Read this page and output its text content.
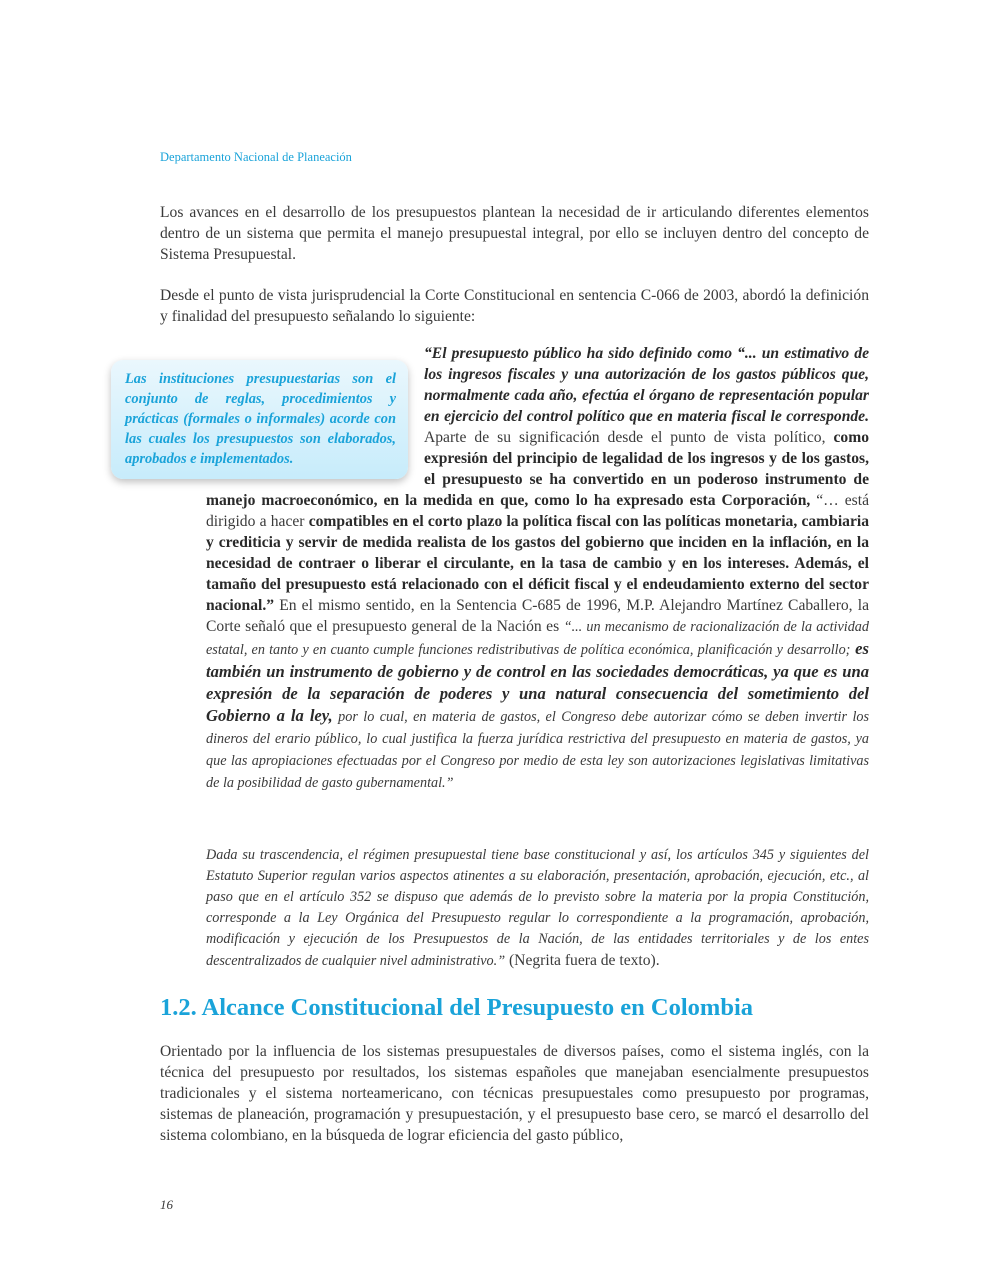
Departamento Nacional de Planeación

Los avances en el desarrollo de los presupuestos plantean la necesidad de ir articulando diferentes elementos dentro de un sistema que permita el manejo presupuestal integral, por ello se incluyen dentro del concepto de Sistema Presupuestal.

Desde el punto de vista jurisprudencial la Corte Constitucional en sentencia C-066 de 2003, abordó la definición y finalidad del presupuesto señalando lo siguiente:

Las instituciones presupuestarias son el conjunto de reglas, procedimientos y prácticas (formales o informales) acorde con las cuales los presupuestos son elaborados, aprobados e implementados.

“El presupuesto público ha sido definido como “... un estimativo de los ingresos fiscales y una autorización de los gastos públicos que, normalmente cada año, efectúa el órgano de representación popular en ejercicio del control político que en materia fiscal le corresponde. Aparte de su significación desde el punto de vista político, como expresión del principio de legalidad de los ingresos y de los gastos, el presupuesto se ha convertido en un poderoso instrumento de manejo macroeconómico, en la medida en que, como lo ha expresado esta Corporación, “… está dirigido a hacer compatibles en el corto plazo la política fiscal con las políticas monetaria, cambiaria y crediticia y servir de medida realista de los gastos del gobierno que inciden en la inflación, en la necesidad de contraer o liberar el circulante, en la tasa de cambio y en los intereses. Además, el tamaño del presupuesto está relacionado con el déficit fiscal y el endeudamiento externo del sector nacional.” En el mismo sentido, en la Sentencia C-685 de 1996, M.P. Alejandro Martínez Caballero, la Corte señaló que el presupuesto general de la Nación es “... un mecanismo de racionalización de la actividad estatal, en tanto y en cuanto cumple funciones redistributivas de política económica, planificación y desarrollo; es también un instrumento de gobierno y de control en las sociedades democráticas, ya que es una expresión de la separación de poderes y una natural consecuencia del sometimiento del Gobierno a la ley, por lo cual, en materia de gastos, el Congreso debe autorizar cómo se deben invertir los dineros del erario público, lo cual justifica la fuerza jurídica restrictiva del presupuesto en materia de gastos, ya que las apropiaciones efectuadas por el Congreso por medio de esta ley son autorizaciones legislativas limitativas de la posibilidad de gasto gubernamental.”

Dada su trascendencia, el régimen presupuestal tiene base constitucional y así, los artículos 345 y siguientes del Estatuto Superior regulan varios aspectos atinentes a su elaboración, presentación, aprobación, ejecución, etc., al paso que en el artículo 352 se dispuso que además de lo previsto sobre la materia por la propia Constitución, corresponde a la Ley Orgánica del Presupuesto regular lo correspondiente a la programación, aprobación, modificación y ejecución de los Presupuestos de la Nación, de las entidades territoriales y de los entes descentralizados de cualquier nivel administrativo.” (Negrita fuera de texto).

1.2. Alcance Constitucional del Presupuesto en Colombia

Orientado por la influencia de los sistemas presupuestales de diversos países, como el sistema inglés, con la técnica del presupuesto por resultados, los sistemas españoles que manejaban esencialmente presupuestos tradicionales y el sistema norteamericano, con técnicas presupuestales como presupuesto por programas, sistemas de planeación, programación y presupuestación, y el presupuesto base cero, se marcó el desarrollo del sistema colombiano, en la búsqueda de lograr eficiencia del gasto público,

16
